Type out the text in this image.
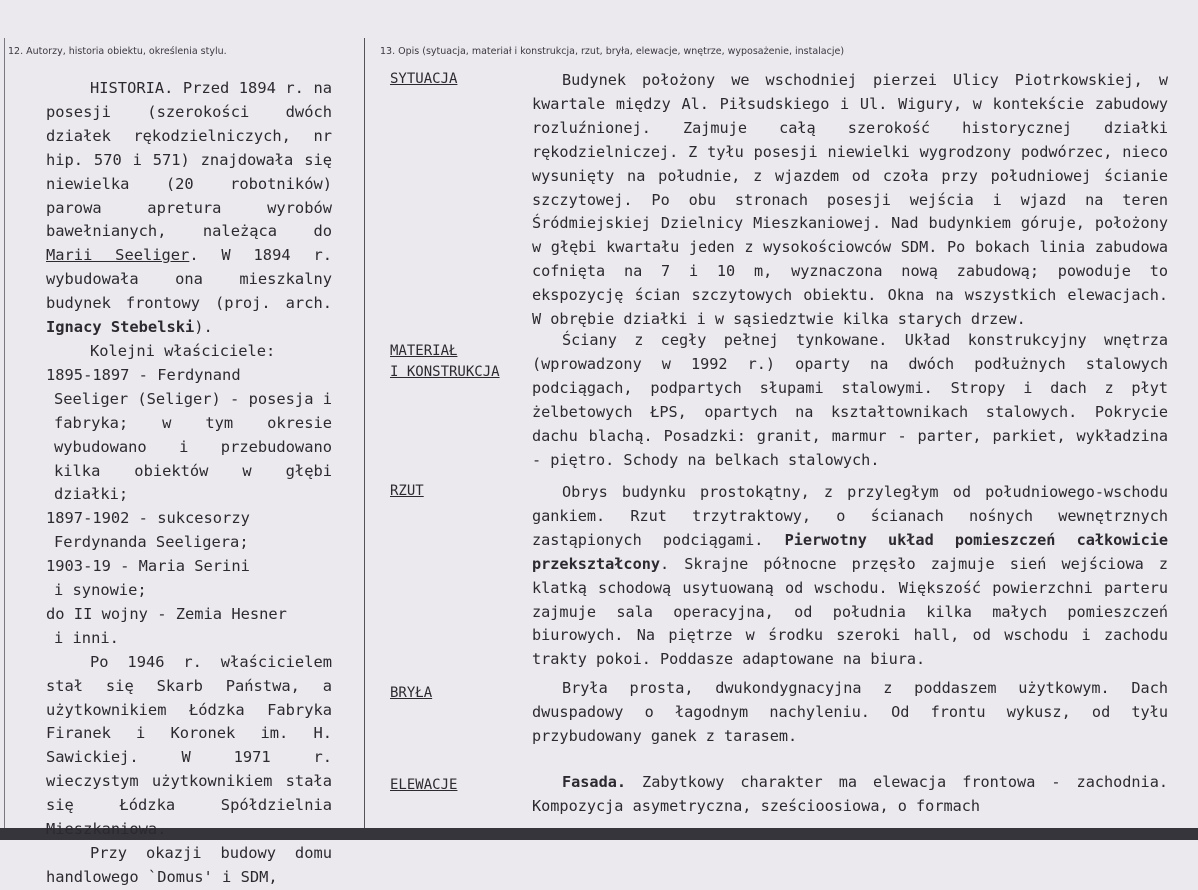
12. Autorzy, historia obiektu, określenia stylu.	13. Opis (sytuacja, materiał i konstrukcja, rzut, bryła, elewacje, wnętrze, wyposażenie, instalacje)

HISTORIA. Przed 1894 r. na posesji (szerokości dwóch działek rękodzielniczych, nr hip. 570 i 571) znajdowała się niewielka (20 robotników) parowa apretura wyrobów bawełnianych, należąca do Marii Seeliger. W 1894 r. wybudowała ona mieszkalny budynek frontowy (proj. arch. Ignacy Stebelski).

Kolejni właściciele:

1895-1897 - Ferdynand

Seeliger (Seliger) - posesja i fabryka; w tym okresie wybudowano i przebudowano kilka obiektów w głębi działki;

1897-1902 - sukcesorzy

Ferdynanda Seeligera;

1903-19 - Maria Serini

i synowie;

do II wojny - Zemia Hesner

i inni.

Po 1946 r. właścicielem stał się Skarb Państwa, a użytkownikiem Łódzka Fabryka Firanek i Koronek im. H. Sawickiej. W 1971 r. wieczystym użytkownikiem stała się Łódzka Spółdzielnia Mieszkaniowa.

Przy okazji budowy domu handlowego `Domus' i SDM,

SYTUACJA	Budynek położony we wschodniej pierzei Ulicy Piotrkowskiej, w kwartale między Al. Piłsudskiego i Ul. Wigury, w kontekście zabudowy rozluźnionej. Zajmuje całą szerokość historycznej działki rękodzielniczej. Z tyłu posesji niewielki wygrodzony podwórzec, nieco wysunięty na południe, z wjazdem od czoła przy południowej ścianie szczytowej. Po obu stronach posesji wejścia i wjazd na teren Śródmiejskiej Dzielnicy Mieszkaniowej. Nad budynkiem góruje, położony w głębi kwartału jeden z wysokościowców SDM. Po bokach linia zabudowa cofnięta na 7 i 10 m, wyznaczona nową zabudową; powoduje to ekspozycję ścian szczytowych obiektu. Okna na wszystkich elewacjach. W obrębie działki i w sąsiedztwie kilka starych drzew.
MATERIAŁ
I KONSTRUKCJA
Ściany z cegły pełnej tynkowane. Układ konstrukcyjny wnętrza (wprowadzony w 1992 r.) oparty na dwóch podłużnych stalowych podciągach, podpartych słupami stalowymi. Stropy i dach z płyt żelbetowych ŁPS, opartych na kształtownikach stalowych. Pokrycie dachu blachą. Posadzki: granit, marmur - parter, parkiet, wykładzina - piętro. Schody na belkach stalowych.
RZUT	Obrys budynku prostokątny, z przyległym od południowego-wschodu gankiem. Rzut trzytraktowy, o ścianach nośnych wewnętrznych zastąpionych podciągami. Pierwotny układ pomieszczeń całkowicie przekształcony. Skrajne północne przęsło zajmuje sień wejściowa z klatką schodową usytuowaną od wschodu. Większość powierzchni parteru zajmuje sala operacyjna, od południa kilka małych pomieszczeń biurowych. Na piętrze w środku szeroki hall, od wschodu i zachodu trakty pokoi. Poddasze adaptowane na biura.
BRYŁA	Bryła prosta, dwukondygnacyjna z poddaszem użytkowym. Dach dwuspadowy o łagodnym nachyleniu. Od frontu wykusz, od tyłu przybudowany ganek z tarasem.
ELEWACJE	Fasada. Zabytkowy charakter ma elewacja frontowa - zachodnia. Kompozycja asymetryczna, sześcioosiowa, o formach
